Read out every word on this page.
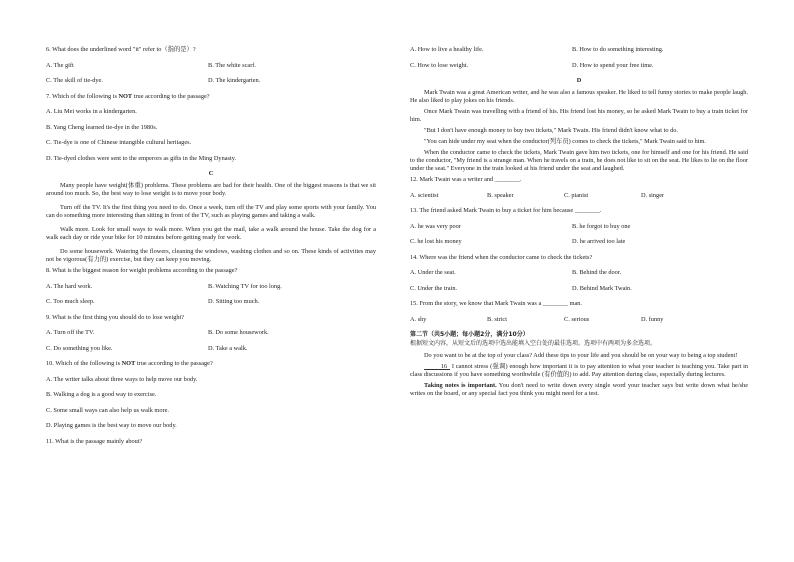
6. What does the underlined word "it" refer to（指的是）?
A. The gift	B. The white scarf.
C. The skill of tie-dye.	D. The kindergarten.
7. Which of the following is NOT true according to the passage?
A. Liu Mei works in a kindergarten.
B. Yang Cheng learned tie-dye in the 1980s.
C. Tie-dye is one of Chinese intangible cultural heritages.
D. Tie-dyed clothes were sent to the emperors as gifts in the Ming Dynasty.
C
Many people have weight(体重) problems. These problems are bad for their health. One of the biggest reasons is that we sit around too much. So, the best way to lose weight is to move your body.
Turn off the TV. It's the first thing you need to do. Once a week, turn off the TV and play some sports with your family. You can do something more interesting than sitting in front of the TV, such as playing games and taking a walk.
Walk more. Look for small ways to walk more. When you get the mail, take a walk around the house. Take the dog for a walk each day or ride your bike for 10 minutes before getting ready for work.
Do some housework. Watering the flowers, cleaning the windows, washing clothes and so on. These kinds of activities may not be vigorous(有力的) exercise, but they can keep you moving.
8. What is the biggest reason for weight problems according to the passage?
A. The hard work.	B. Watching TV for too long.
C. Too much sleep.	D. Sitting too much.
9. What is the first thing you should do to lose weight?
A. Turn off the TV.	B. Do some housework.
C. Do something you like.	D. Take a walk.
10. Which of the following is NOT true according to the passage?
A. The writer talks about three ways to help move our body.
B. Walking a dog is a good way to exercise.
C. Some small ways can also help us walk more.
D. Playing games is the best way to move our body.
11. What is the passage mainly about?
A. How to live a healthy life.	B. How to do something interesting.
C. How to lose weight.	D. How to spend your free time.
D
Mark Twain was a great American writer, and he was also a famous speaker. He liked to tell funny stories to make people laugh. He also liked to play jokes on his friends.
Once Mark Twain was travelling with a friend of his. His friend lost his money, so he asked Mark Twain to buy a train ticket for him.
"But I don't have enough money to buy two tickets," Mark Twain. His friend didn't know what to do.
"You can hide under my seat when the conductor(列车员) comes to check the tickets," Mark Twain said to him.
When the conductor came to check the tickets, Mark Twain gave him two tickets, one for himself and one for his friend. He said to the conductor, "My friend is a strange man. When he travels on a train, he does not like to sit on the seat. He likes to lie on the floor under the seat." Everyone in the train looked at his friend under the seat and laughed.
12. Mark Twain was a writer and ________.
A. scientist	B. speaker	C. pianist	D. singer
13. The friend asked Mark Twain to buy a ticket for him because ________.
A. he was very poor	B. he forgot to buy one
C. he lost his money	D. he arrived too late
14. Where was the friend when the conductor came to check the tickets?
A. Under the seat.	B. Behind the door.
C. Under the train.	D. Behind Mark Twain.
15. From the story, we know that Mark Twain was a ________ man.
A. shy	B. strict	C. serious	D. funny
第二节（共5小题；每小题2分，满分10分）
根据短文内容，从短文后的选项中选出能填入空白处的最佳选项。选项中有两项为多余选项。
Do you want to be at the top of your class? Add these tips to your life and you should be on your way to being a top student!
16 I cannot stress (强调) enough how important it is to pay attention to what your teacher is teaching you. Take part in class discussions if you have something worthwhile (有价值的) to add. Pay attention during class, especially during lectures.
Taking notes is important. You don't need to write down every single word your teacher says but write down what he/she writes on the board, or any special fact you think you might need for a test.
